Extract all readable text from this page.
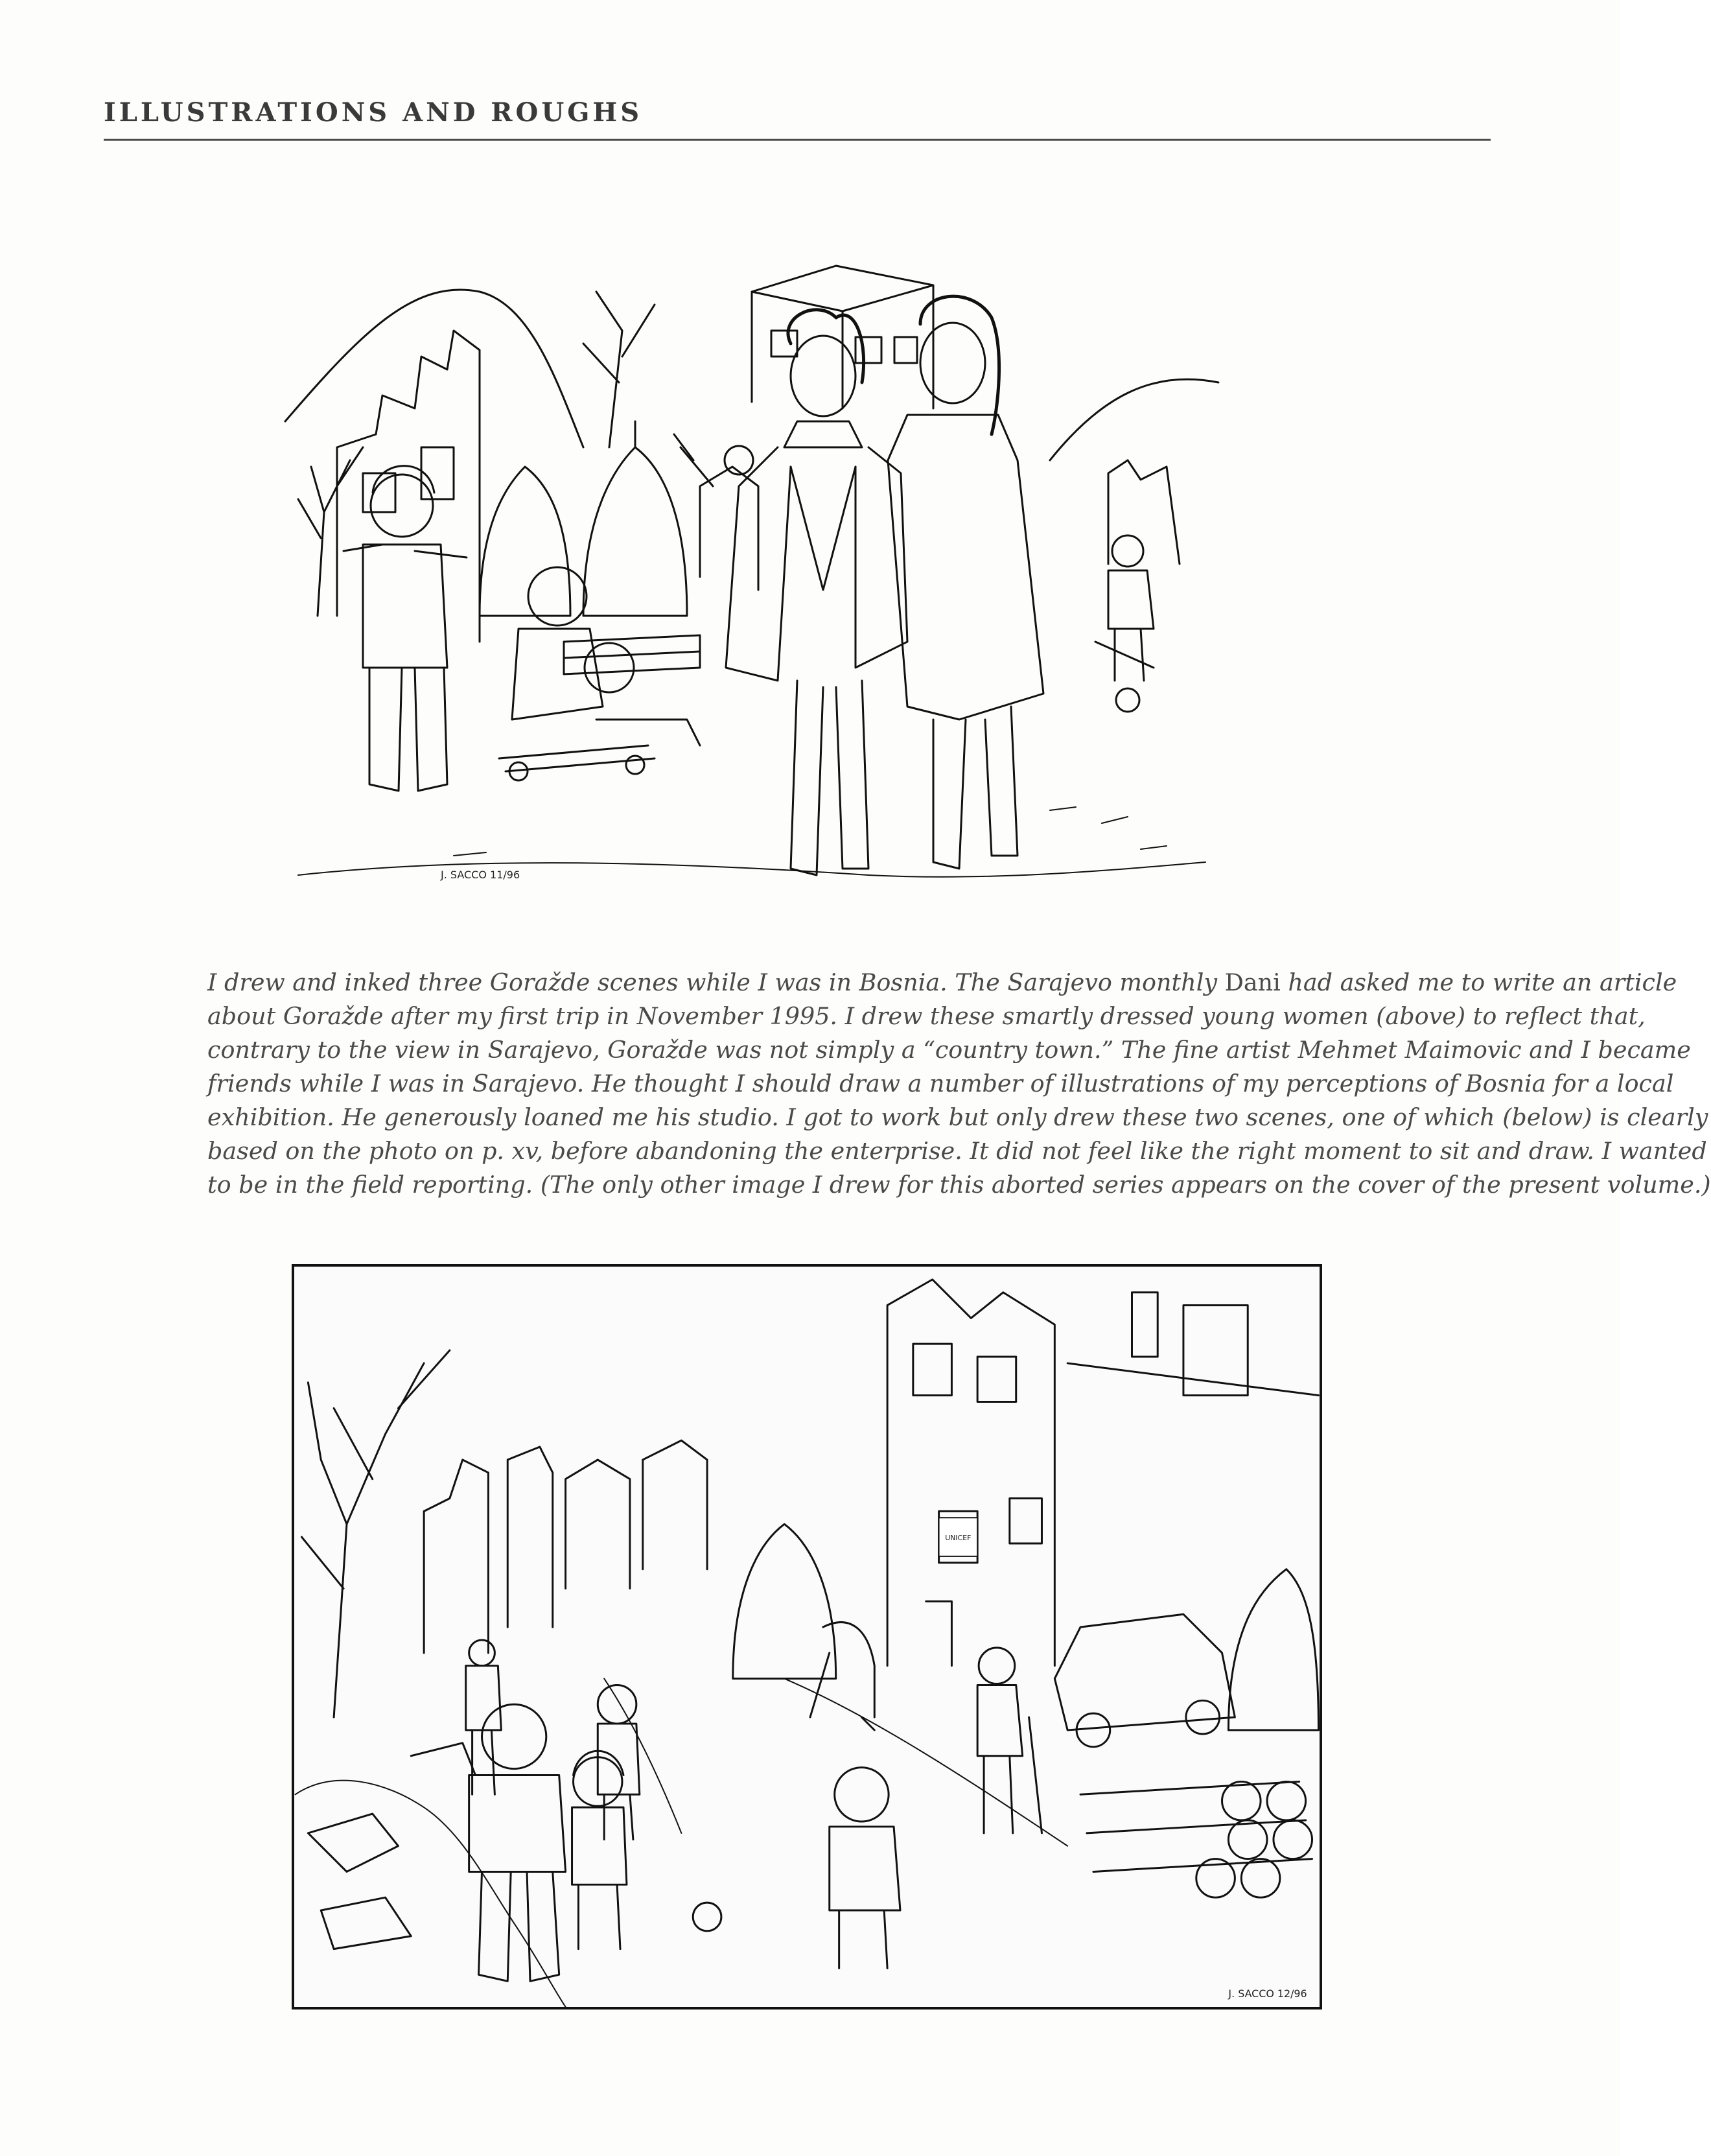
ILLUSTRATIONS AND ROUGHS
J. SACCO 11/96
I drew and inked three Goražde scenes while I was in Bosnia. The Sarajevo monthly Dani had asked me to write an article
about Goražde after my first trip in November 1995. I drew these smartly dressed young women (above) to reflect that,
contrary to the view in Sarajevo, Goražde was not simply a “country town.” The fine artist Mehmet Maimovic and I became
friends while I was in Sarajevo. He thought I should draw a number of illustrations of my perceptions of Bosnia for a local
exhibition. He generously loaned me his studio. I got to work but only drew these two scenes, one of which (below) is clearly
based on the photo on p. xv, before abandoning the enterprise. It did not feel like the right moment to sit and draw. I wanted
to be in the field reporting. (The only other image I drew for this aborted series appears on the cover of the present volume.)
UNICEF
J. SACCO 12/96
